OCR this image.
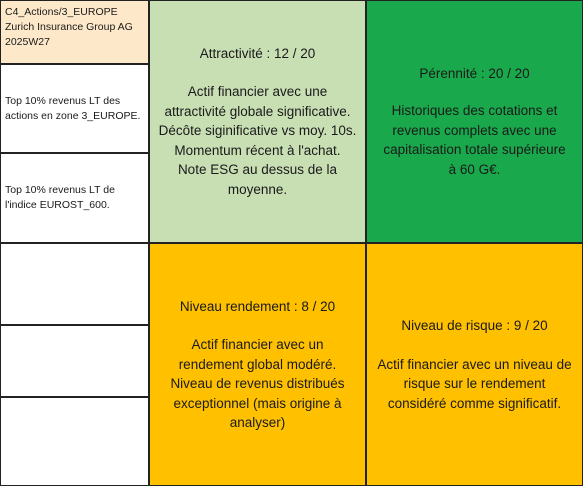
C4_Actions/3_EUROPE
Zurich Insurance Group AG
2025W27
Top 10% revenus LT des actions en zone 3_EUROPE.
Top 10% revenus LT de l'indice EUROST_600.
Attractivité : 12 / 20
Actif financier avec une
attractivité globale significative.
Décôte siginificative vs moy. 10s.
Momentum récent à l'achat.
Note ESG au dessus de la
moyenne.
Pérennité : 20 / 20
Historiques des cotations et
revenus complets avec une
capitalisation totale supérieure
à 60 G€.
Niveau rendement : 8 / 20
Actif financier avec un
rendement global modéré.
Niveau de revenus distribués
exceptionnel (mais origine à
analyser)
Niveau de risque : 9 / 20
Actif financier avec un niveau de
risque sur le rendement
considéré comme significatif.
